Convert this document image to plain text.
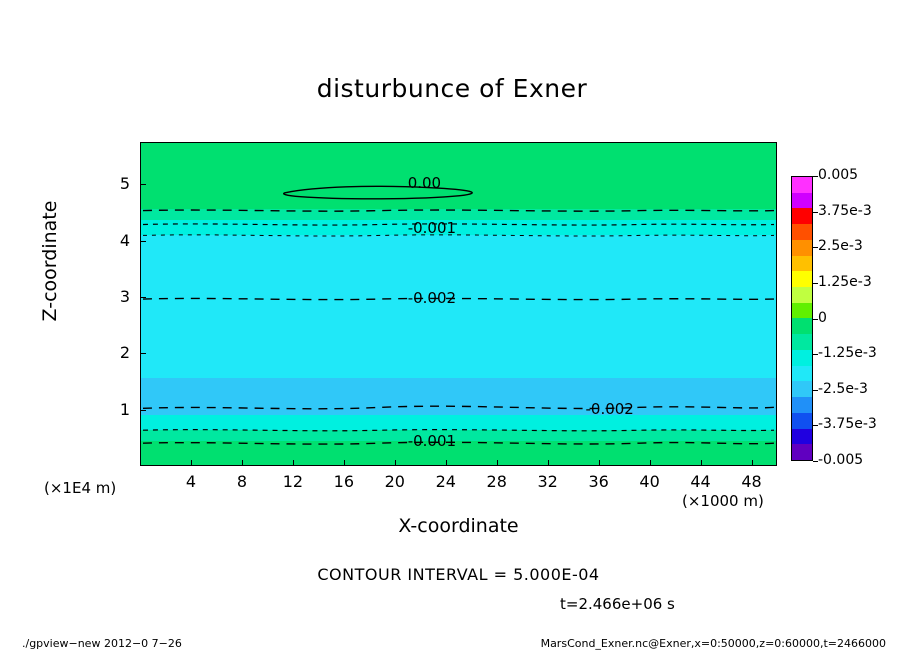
disturbunce of Exner
0.00
-0.001
-0.002
-0.002
-0.001
4	8	12	16	20	24	28	32	36	40	44	48
1
2
3
4
5
Z-coordinate
X-coordinate
(×1E4 m)
(×1000 m)
CONTOUR INTERVAL = 5.000E-04
t=2.466e+06 s
0.005
3.75e-3
2.5e-3
1.25e-3
0
-1.25e-3
-2.5e-3
-3.75e-3
-0.005
./gpview−new 2012−0 7−26	MarsCond_Exner.nc@Exner,x=0:50000,z=0:60000,t=2466000
